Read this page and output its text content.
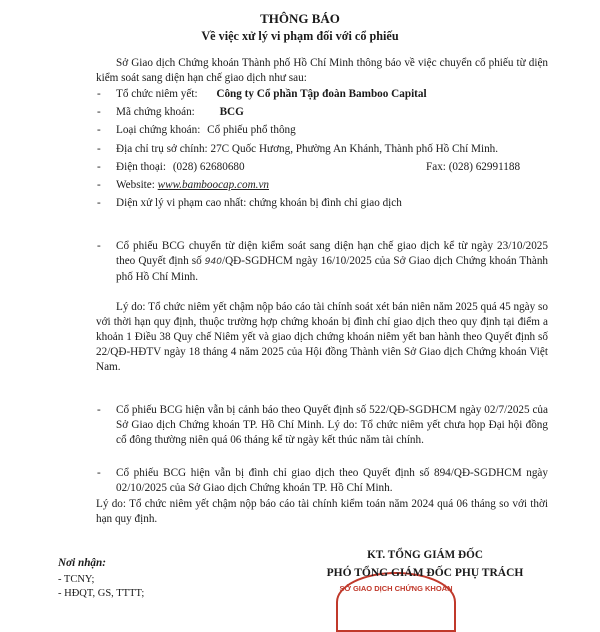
THÔNG BÁO
Về việc xử lý vi phạm đối với cổ phiếu
Sở Giao dịch Chứng khoán Thành phố Hồ Chí Minh thông báo về việc chuyển cổ phiếu từ diện kiểm soát sang diện hạn chế giao dịch như sau:
- Tổ chức niêm yết: Công ty Cổ phần Tập đoàn Bamboo Capital
- Mã chứng khoán: BCG
- Loại chứng khoán: Cổ phiếu phổ thông
- Địa chỉ trụ sở chính: 27C Quốc Hương, Phường An Khánh, Thành phố Hồ Chí Minh.
- Điện thoại: (028) 62680680	Fax: (028) 62991188
- Website: www.bamboocap.com.vn
- Diện xử lý vi phạm cao nhất: chứng khoán bị đình chỉ giao dịch
- Cổ phiếu BCG chuyển từ diện kiểm soát sang diện hạn chế giao dịch kể từ ngày 23/10/2025 theo Quyết định số 940/QĐ-SGDHCM ngày 16/10/2025 của Sở Giao dịch Chứng khoán Thành phố Hồ Chí Minh.
Lý do: Tổ chức niêm yết chậm nộp báo cáo tài chính soát xét bán niên năm 2025 quá 45 ngày so với thời hạn quy định, thuộc trường hợp chứng khoán bị đình chỉ giao dịch theo quy định tại điểm a khoản 1 Điều 38 Quy chế Niêm yết và giao dịch chứng khoán niêm yết ban hành theo Quyết định số 22/QĐ-HĐTV ngày 18 tháng 4 năm 2025 của Hội đồng Thành viên Sở Giao dịch Chứng khoán Việt Nam.
- Cổ phiếu BCG hiện vẫn bị cảnh báo theo Quyết định số 522/QĐ-SGDHCM ngày 02/7/2025 của Sở Giao dịch Chứng khoán TP. Hồ Chí Minh. Lý do: Tổ chức niêm yết chưa họp Đại hội đồng cổ đông thường niên quá 06 tháng kể từ ngày kết thúc năm tài chính.
- Cổ phiếu BCG hiện vẫn bị đình chỉ giao dịch theo Quyết định số 894/QĐ-SGDHCM ngày 02/10/2025 của Sở Giao dịch Chứng khoán TP. Hồ Chí Minh.
Lý do: Tổ chức niêm yết chậm nộp báo cáo tài chính kiểm toán năm 2024 quá 06 tháng so với thời hạn quy định.
Nơi nhận:
- TCNY;
- HĐQT, GS, TTTT;	SỞ GIAO DỊCH CHỨNG KHOÁN
KT. TỔNG GIÁM ĐỐC
PHÓ TỔNG GIÁM ĐỐC PHỤ TRÁCH
